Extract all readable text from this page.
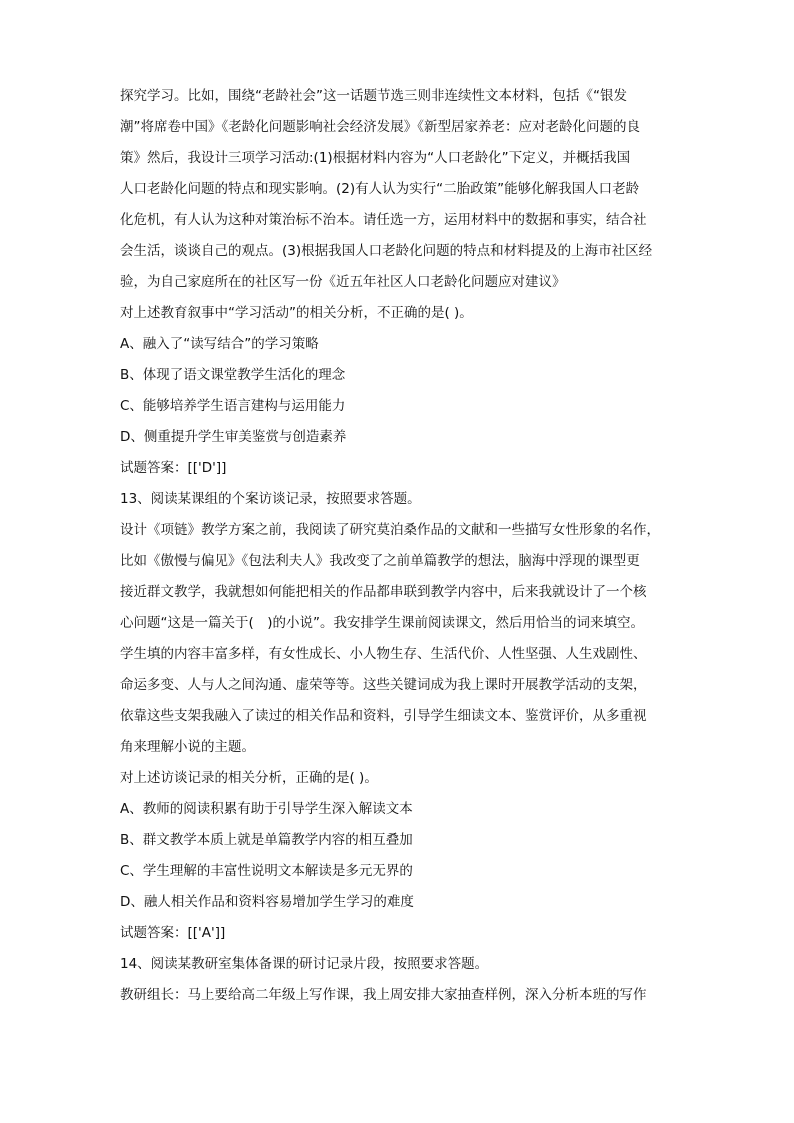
探究学习。比如，围绕“老龄社会”这一话题节选三则非连续性文本材料，包括《“银发
潮”将席卷中国》《老龄化问题影响社会经济发展》《新型居家养老：应对老龄化问题的良
策》然后，我设计三项学习活动:(1)根据材料内容为“人口老龄化”下定义，并概括我国
人口老龄化问题的特点和现实影响。(2)有人认为实行“二胎政策”能够化解我国人口老龄
化危机，有人认为这种对策治标不治本。请任选一方，运用材料中的数据和事实，结合社
会生活，谈谈自己的观点。(3)根据我国人口老龄化问题的特点和材料提及的上海市社区经
验，为自己家庭所在的社区写一份《近五年社区人口老龄化问题应对建议》
对上述教育叙事中“学习活动”的相关分析，不正确的是( )。
A、融入了“读写结合”的学习策略
B、体现了语文课堂教学生活化的理念
C、能够培养学生语言建构与运用能力
D、侧重提升学生审美鉴赏与创造素养
试题答案：[['D']]
13、阅读某课组的个案访谈记录，按照要求答题。
设计《项链》教学方案之前，我阅读了研究莫泊桑作品的文献和一些描写女性形象的名作，
比如《傲慢与偏见》《包法利夫人》我改变了之前单篇教学的想法，脑海中浮现的课型更
接近群文教学，我就想如何能把相关的作品都串联到教学内容中，后来我就设计了一个核
心问题“这是一篇关于(　)的小说”。我安排学生课前阅读课文，然后用恰当的词来填空。
学生填的内容丰富多样，有女性成长、小人物生存、生活代价、人性坚强、人生戏剧性、
命运多变、人与人之间沟通、虚荣等等。这些关键词成为我上课时开展教学活动的支架，
依靠这些支架我融入了读过的相关作品和资料，引导学生细读文本、鉴赏评价，从多重视
角来理解小说的主题。
对上述访谈记录的相关分析，正确的是( )。
A、教师的阅读积累有助于引导学生深入解读文本
B、群文教学本质上就是单篇教学内容的相互叠加
C、学生理解的丰富性说明文本解读是多元无界的
D、融人相关作品和资料容易增加学生学习的难度
试题答案：[['A']]
14、阅读某教研室集体备课的研讨记录片段，按照要求答题。
教研组长：马上要给高二年级上写作课，我上周安排大家抽查样例，深入分析本班的写作
